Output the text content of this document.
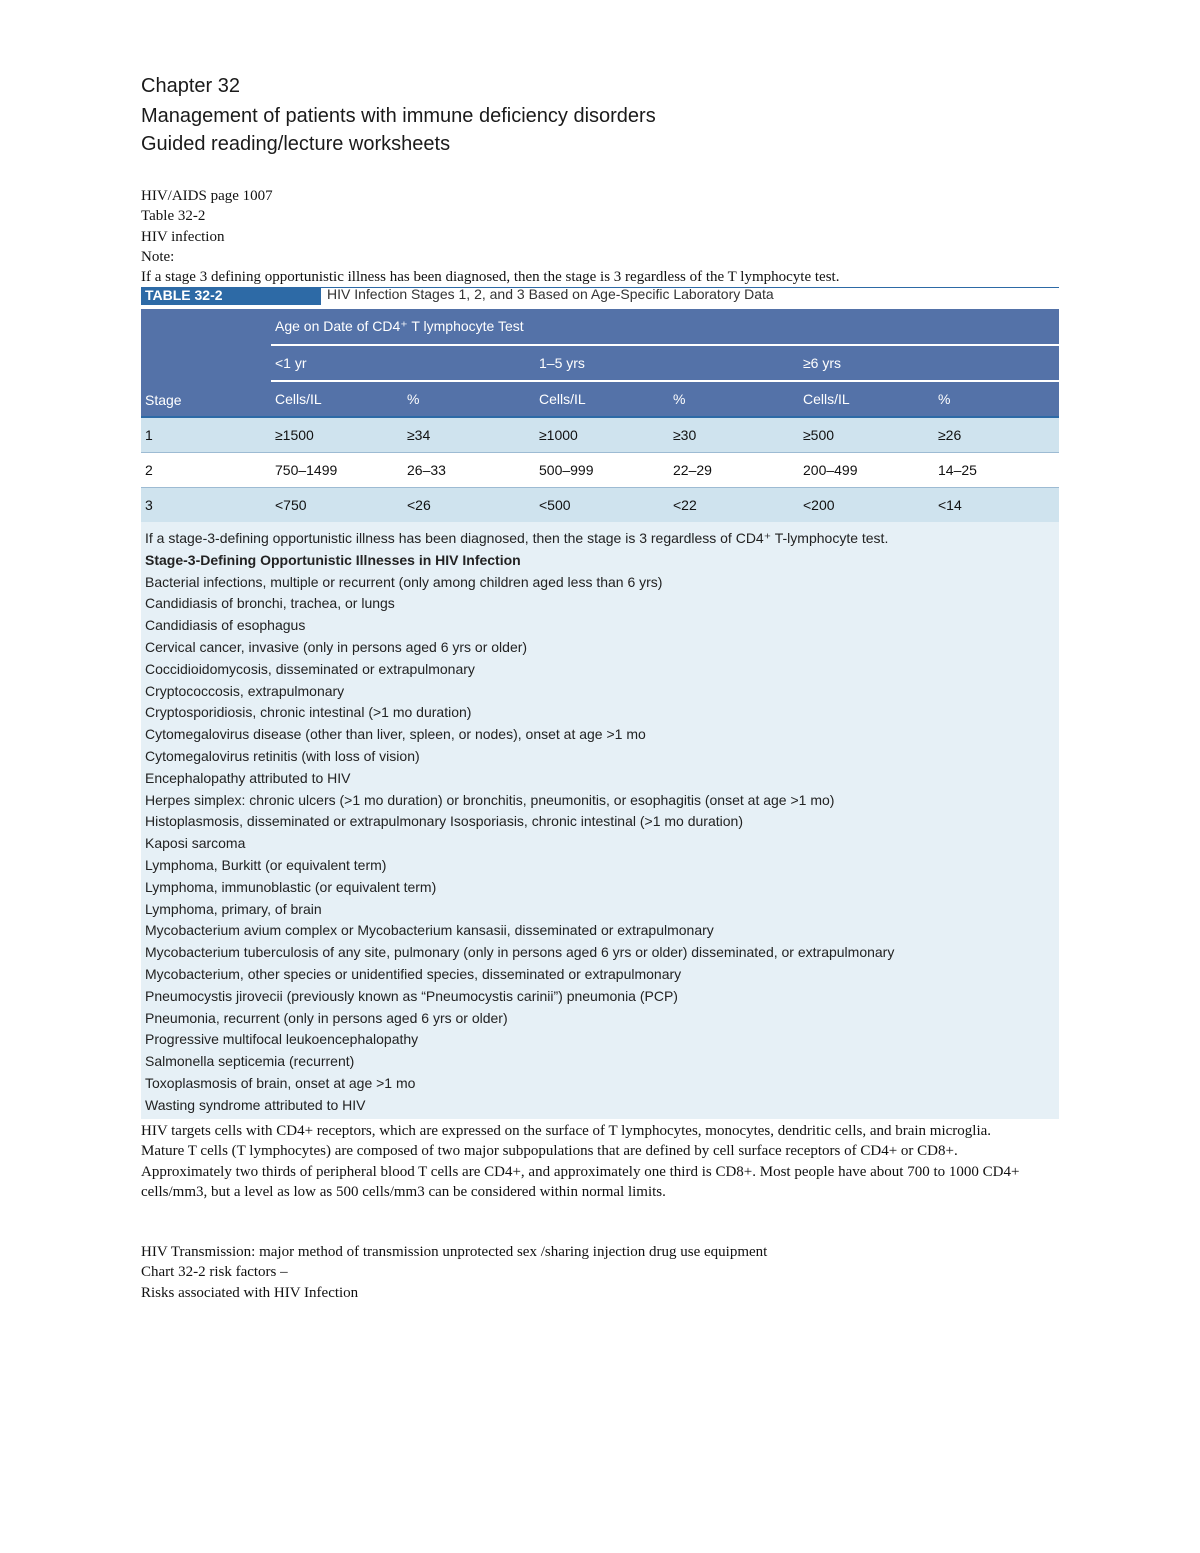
Chapter 32
Management of patients with immune deficiency disorders
Guided reading/lecture worksheets
HIV/AIDS page 1007
Table 32-2
HIV infection
Note:
If a stage 3 defining opportunistic illness has been diagnosed, then the stage is 3 regardless of the T lymphocyte test.
TABLE 32-2	HIV Infection Stages 1, 2, and 3 Based on Age-Specific Laboratory Data
Stage	Age on Date of CD4⁺ T lymphocyte Test					
	<1 yr		1–5 yrs		≥6 yrs	
	Cells/IL	%	Cells/IL	%	Cells/IL	%
1	≥1500	≥34	≥1000	≥30	≥500	≥26
2	750–1499	26–33	500–999	22–29	200–499	14–25
3	<750	<26	<500	<22	<200	<14
If a stage-3-defining opportunistic illness has been diagnosed, then the stage is 3 regardless of CD4⁺ T-lymphocyte test.
Stage-3-Defining Opportunistic Illnesses in HIV Infection
Bacterial infections, multiple or recurrent (only among children aged less than 6 yrs)
Candidiasis of bronchi, trachea, or lungs
Candidiasis of esophagus
Cervical cancer, invasive (only in persons aged 6 yrs or older)
Coccidioidomycosis, disseminated or extrapulmonary
Cryptococcosis, extrapulmonary
Cryptosporidiosis, chronic intestinal (>1 mo duration)
Cytomegalovirus disease (other than liver, spleen, or nodes), onset at age >1 mo
Cytomegalovirus retinitis (with loss of vision)
Encephalopathy attributed to HIV
Herpes simplex: chronic ulcers (>1 mo duration) or bronchitis, pneumonitis, or esophagitis (onset at age >1 mo)
Histoplasmosis, disseminated or extrapulmonary Isosporiasis, chronic intestinal (>1 mo duration)
Kaposi sarcoma
Lymphoma, Burkitt (or equivalent term)
Lymphoma, immunoblastic (or equivalent term)
Lymphoma, primary, of brain
Mycobacterium avium complex or Mycobacterium kansasii, disseminated or extrapulmonary
Mycobacterium tuberculosis of any site, pulmonary (only in persons aged 6 yrs or older) disseminated, or extrapulmonary
Mycobacterium, other species or unidentified species, disseminated or extrapulmonary
Pneumocystis jirovecii (previously known as “Pneumocystis carinii”) pneumonia (PCP)
Pneumonia, recurrent (only in persons aged 6 yrs or older)
Progressive multifocal leukoencephalopathy
Salmonella septicemia (recurrent)
Toxoplasmosis of brain, onset at age >1 mo
Wasting syndrome attributed to HIV
HIV targets cells with CD4+ receptors, which are expressed on the surface of T lymphocytes, monocytes, dendritic cells, and brain microglia. Mature T cells (T lymphocytes) are composed of two major subpopulations that are defined by cell surface receptors of CD4+ or CD8+. Approximately two thirds of peripheral blood T cells are CD4+, and approximately one third is CD8+. Most people have about 700 to 1000 CD4+ cells/mm3, but a level as low as 500 cells/mm3 can be considered within normal limits.
HIV Transmission: major method of transmission unprotected sex /sharing injection drug use equipment
Chart 32-2 risk factors –
Risks associated with HIV Infection
